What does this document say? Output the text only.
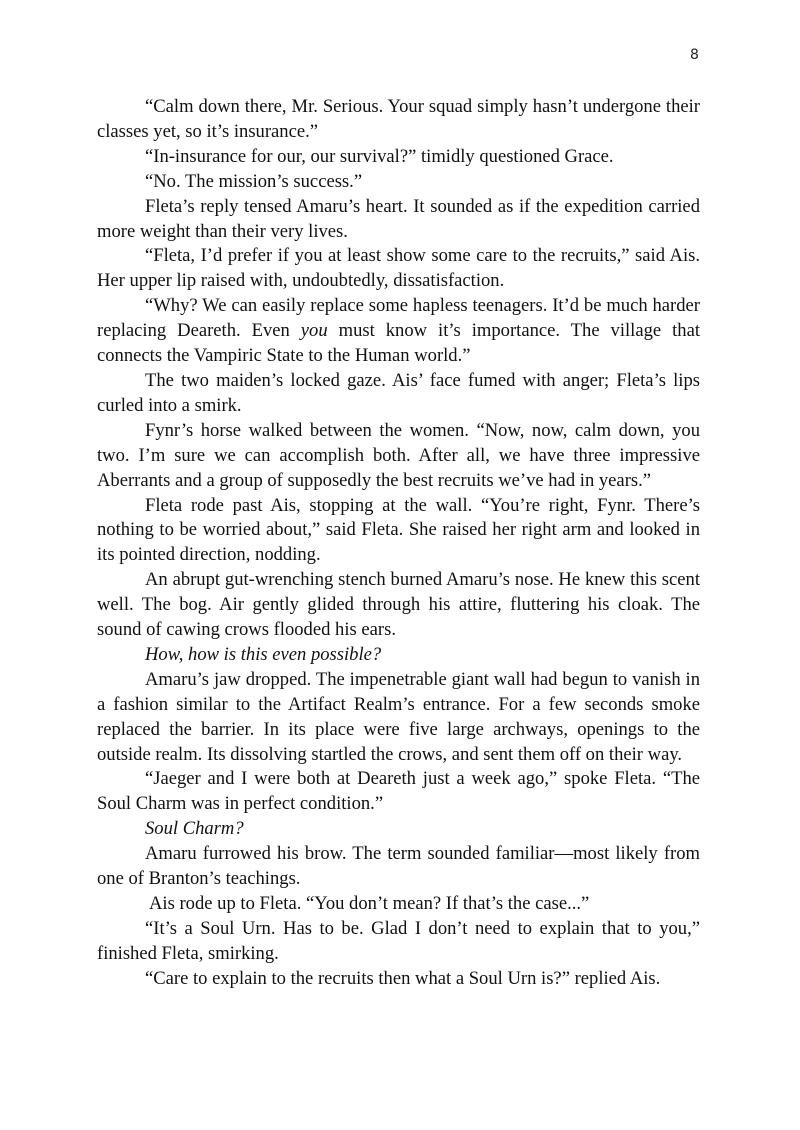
8

“Calm down there, Mr. Serious. Your squad simply hasn’t undergone their classes yet, so it’s insurance.”

“In-insurance for our, our survival?” timidly questioned Grace.

“No. The mission’s success.”

Fleta’s reply tensed Amaru’s heart. It sounded as if the expedition carried more weight than their very lives.

“Fleta, I’d prefer if you at least show some care to the recruits,” said Ais. Her upper lip raised with, undoubtedly, dissatisfaction.

“Why? We can easily replace some hapless teenagers. It’d be much harder replacing Deareth. Even you must know it’s importance. The village that connects the Vampiric State to the Human world.”

The two maiden’s locked gaze. Ais’ face fumed with anger; Fleta’s lips curled into a smirk.

Fynr’s horse walked between the women. “Now, now, calm down, you two. I’m sure we can accomplish both. After all, we have three impressive Aberrants and a group of supposedly the best recruits we’ve had in years.”

Fleta rode past Ais, stopping at the wall. “You’re right, Fynr. There’s nothing to be worried about,” said Fleta. She raised her right arm and looked in its pointed direction, nodding.

An abrupt gut-wrenching stench burned Amaru’s nose. He knew this scent well. The bog. Air gently glided through his attire, fluttering his cloak. The sound of cawing crows flooded his ears.

How, how is this even possible?

Amaru’s jaw dropped. The impenetrable giant wall had begun to vanish in a fashion similar to the Artifact Realm’s entrance. For a few seconds smoke replaced the barrier. In its place were five large archways, openings to the outside realm. Its dissolving startled the crows, and sent them off on their way.

“Jaeger and I were both at Deareth just a week ago,” spoke Fleta. “The Soul Charm was in perfect condition.”

Soul Charm?

Amaru furrowed his brow. The term sounded familiar—most likely from one of Branton’s teachings.

Ais rode up to Fleta. “You don’t mean? If that’s the case...”

“It’s a Soul Urn. Has to be. Glad I don’t need to explain that to you,” finished Fleta, smirking.

“Care to explain to the recruits then what a Soul Urn is?” replied Ais.
